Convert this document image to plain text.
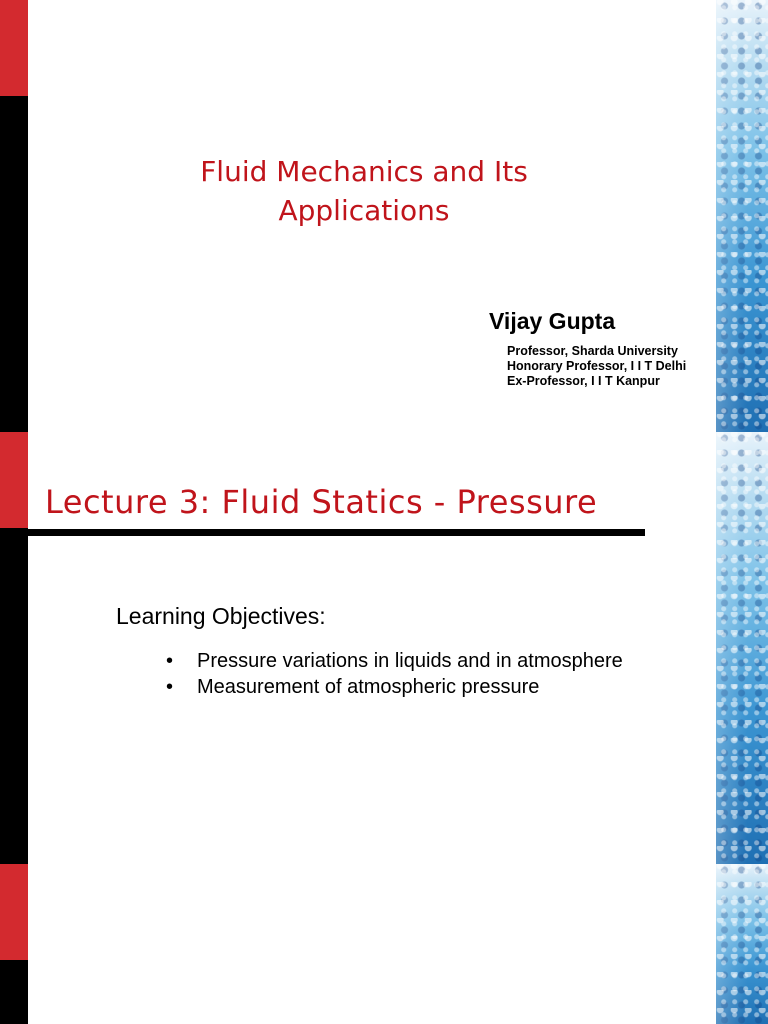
Fluid Mechanics and Its
Applications
Vijay Gupta
Professor, Sharda University
Honorary Professor, I I T Delhi
Ex-Professor, I I T Kanpur
Lecture 3: Fluid Statics - Pressure
Learning Objectives:
• Pressure variations in liquids and in atmosphere
• Measurement of atmospheric pressure
